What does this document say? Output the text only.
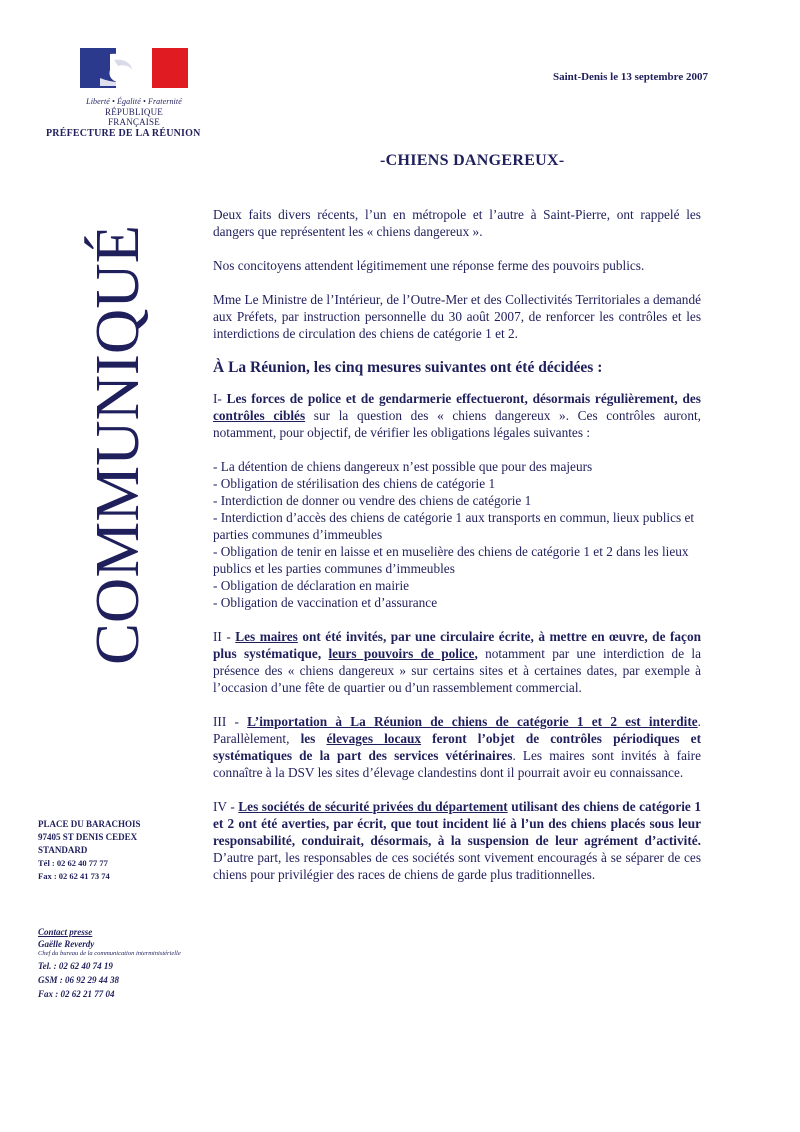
Liberté • Égalité • Fraternité
RÉPUBLIQUE FRANÇAISE
PRÉFECTURE DE LA RÉUNION
Saint-Denis le 13 septembre 2007
-CHIENS DANGEREUX-
COMMUNIQUÉ
PLACE DU BARACHOIS
97405 ST DENIS CEDEX
STANDARD
Tél : 02 62 40 77 77
Fax : 02 62 41 73 74
Contact presse
Gaëlle Reverdy
Chef du bureau de la communication interministérielle
Tel. : 02 62 40 74 19
GSM : 06 92 29 44 38
Fax : 02 62 21 77 04

Deux faits divers récents, l’un en métropole et l’autre à Saint-Pierre, ont rappelé les dangers que représentent les « chiens dangereux ».

Nos concitoyens attendent légitimement une réponse ferme des pouvoirs publics.

Mme Le Ministre de l’Intérieur, de l’Outre-Mer et des Collectivités Territoriales a demandé aux Préfets, par instruction personnelle du 30 août 2007, de renforcer les contrôles et les interdictions de circulation des chiens de catégorie 1 et 2.

À La Réunion, les cinq mesures suivantes ont été décidées :

I- Les forces de police et de gendarmerie effectueront, désormais régulièrement, des contrôles ciblés sur la question des « chiens dangereux ». Ces contrôles auront, notamment, pour objectif, de vérifier les obligations légales suivantes :

- La détention de chiens dangereux n’est possible que pour des majeurs
- Obligation de stérilisation des chiens de catégorie 1
- Interdiction de donner ou vendre des chiens de catégorie 1
- Interdiction d’accès des chiens de catégorie 1 aux transports en commun, lieux publics et parties communes d’immeubles
- Obligation de tenir en laisse et en muselière des chiens de catégorie 1 et 2 dans les lieux publics et les parties communes d’immeubles
- Obligation de déclaration en mairie
- Obligation de vaccination et d’assurance

II - Les maires ont été invités, par une circulaire écrite, à mettre en œuvre, de façon plus systématique, leurs pouvoirs de police, notamment par une interdiction de la présence des « chiens dangereux » sur certains sites et à certaines dates, par exemple à l’occasion d’une fête de quartier ou d’un rassemblement commercial.

III - L’importation à La Réunion de chiens de catégorie 1 et 2 est interdite. Parallèlement, les élevages locaux feront l’objet de contrôles périodiques et systématiques de la part des services vétérinaires. Les maires sont invités à faire connaître à la DSV les sites d’élevage clandestins dont il pourrait avoir eu connaissance.

IV - Les sociétés de sécurité privées du département utilisant des chiens de catégorie 1 et 2 ont été averties, par écrit, que tout incident lié à l’un des chiens placés sous leur responsabilité, conduirait, désormais, à la suspension de leur agrément d’activité. D’autre part, les responsables de ces sociétés sont vivement encouragés à se séparer de ces chiens pour privilégier des races de chiens de garde plus traditionnelles.
